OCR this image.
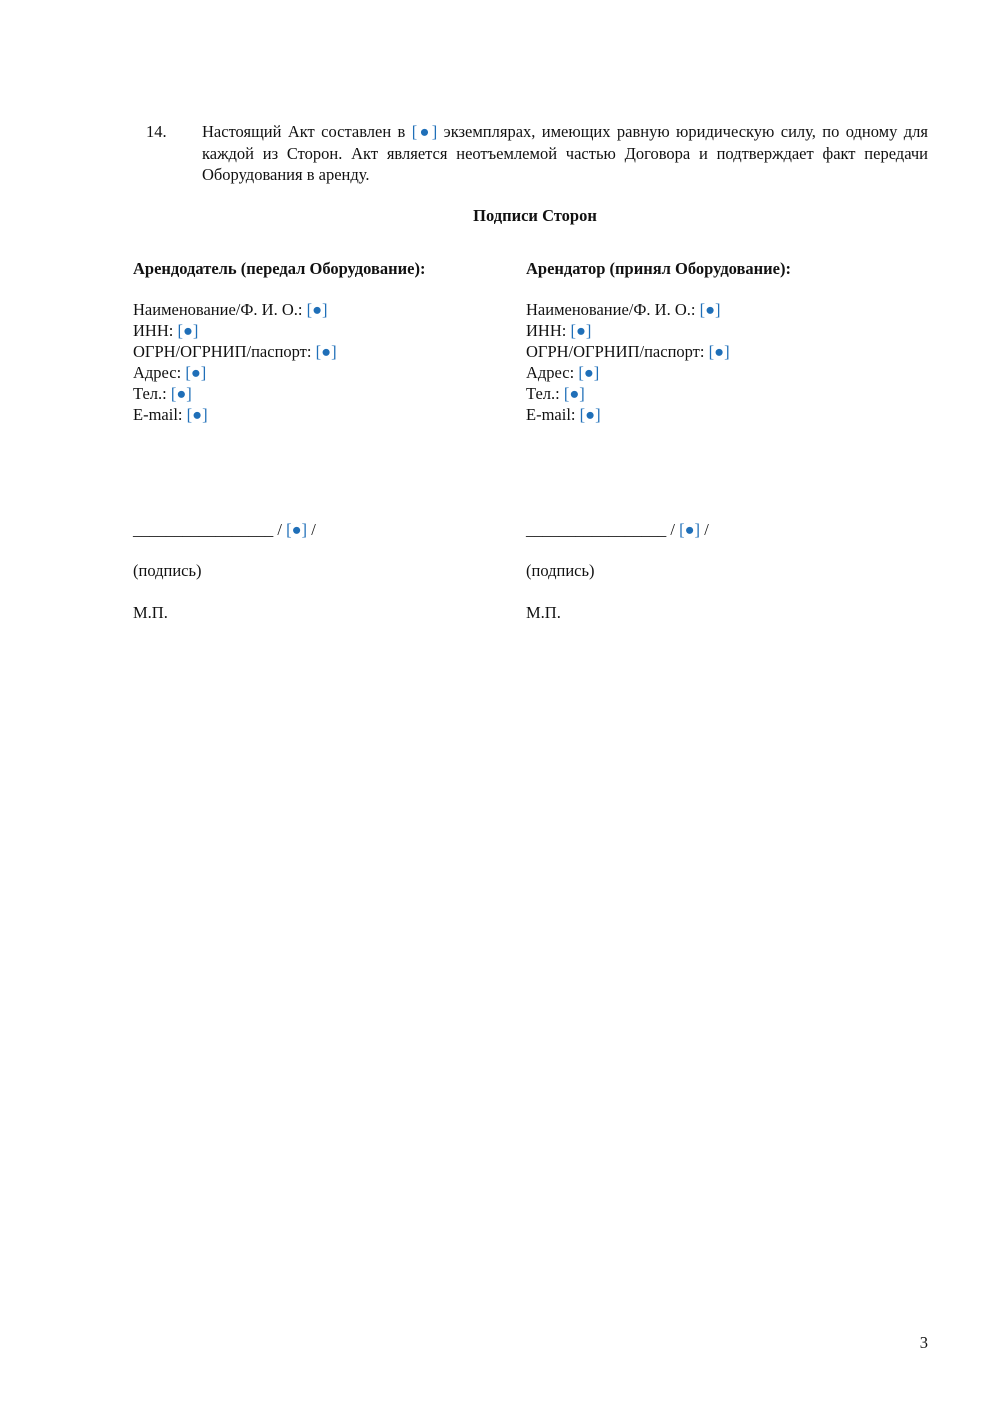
14. Настоящий Акт составлен в [●] экземплярах, имеющих равную юридическую силу, по одному для каждой из Сторон. Акт является неотъемлемой частью Договора и подтверждает факт передачи Оборудования в аренду.
Подписи Сторон
Арендодатель (передал Оборудование):
Наименование/Ф. И. О.: [●]
ИНН: [●]
ОГРН/ОГРНИП/паспорт: [●]
Адрес: [●]
Тел.: [●]
E-mail: [●]
_________________ / [●] /
(подпись)
М.П.
Арендатор (принял Оборудование):
Наименование/Ф. И. О.: [●]
ИНН: [●]
ОГРН/ОГРНИП/паспорт: [●]
Адрес: [●]
Тел.: [●]
E-mail: [●]
_________________ / [●] /
(подпись)
М.П.
3
